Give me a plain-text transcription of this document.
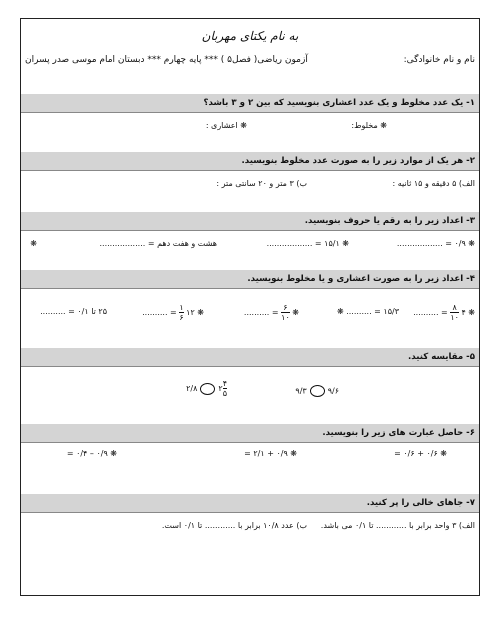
به نام یکتای مهربان
نام و نام خانوادگی:
آزمون ریاضی( فصل۵ ) *** پایه چهارم *** دبستان امام موسی صدر پسران
۱- یک عدد مخلوط و یک عدد اعشاری بنویسید که بین ۲ و ۳ باشد؟
❋ مخلوط:
❋ اعشاری :
۲- هر یک از موارد زیر را به صورت عدد مخلوط بنویسید.
الف) ۵ دقیقه و ۱۵ ثانیه :
ب) ۳ متر و ۲۰ سانتی متر :
۳- اعداد زیر را به رقم یا حروف بنویسید.
❋ ۰/۹ = ..................
❋ ۱۵/۱ = ..................
هشت و هفت دهم = ..................
❋
۴- اعداد زیر را به صورت اعشاری و یا مخلوط بنویسید.
❋ ۴
$\frac{۸}{۱۰}$
= ..........
۱۵/۳ = .......... ❋
❋
$\frac{۶}{۱۰}$
= ..........
❋ ۱۲
$\frac{۱}{۶}$
= ..........
۲۵ تا ۰/۱ = ..........
۵- مقایسه کنید.
۹/۳	۹/۶
۲/۸	۲ $\frac{۴}{۵}$
۶- حاصل عبارت های زیر را بنویسید.
❋ ۰/۶ + ۰/۶ =
❋ ۰/۹ + ۲/۱ =
❋ ۰/۹ – ۰/۴ =
۷- جاهای خالی را پر کنید.
الف) ۳ واحد برابر با ............ تا ۰/۱ می باشد.
ب) عدد ۱۰/۸ برابر با ............ تا ۰/۱ است.
